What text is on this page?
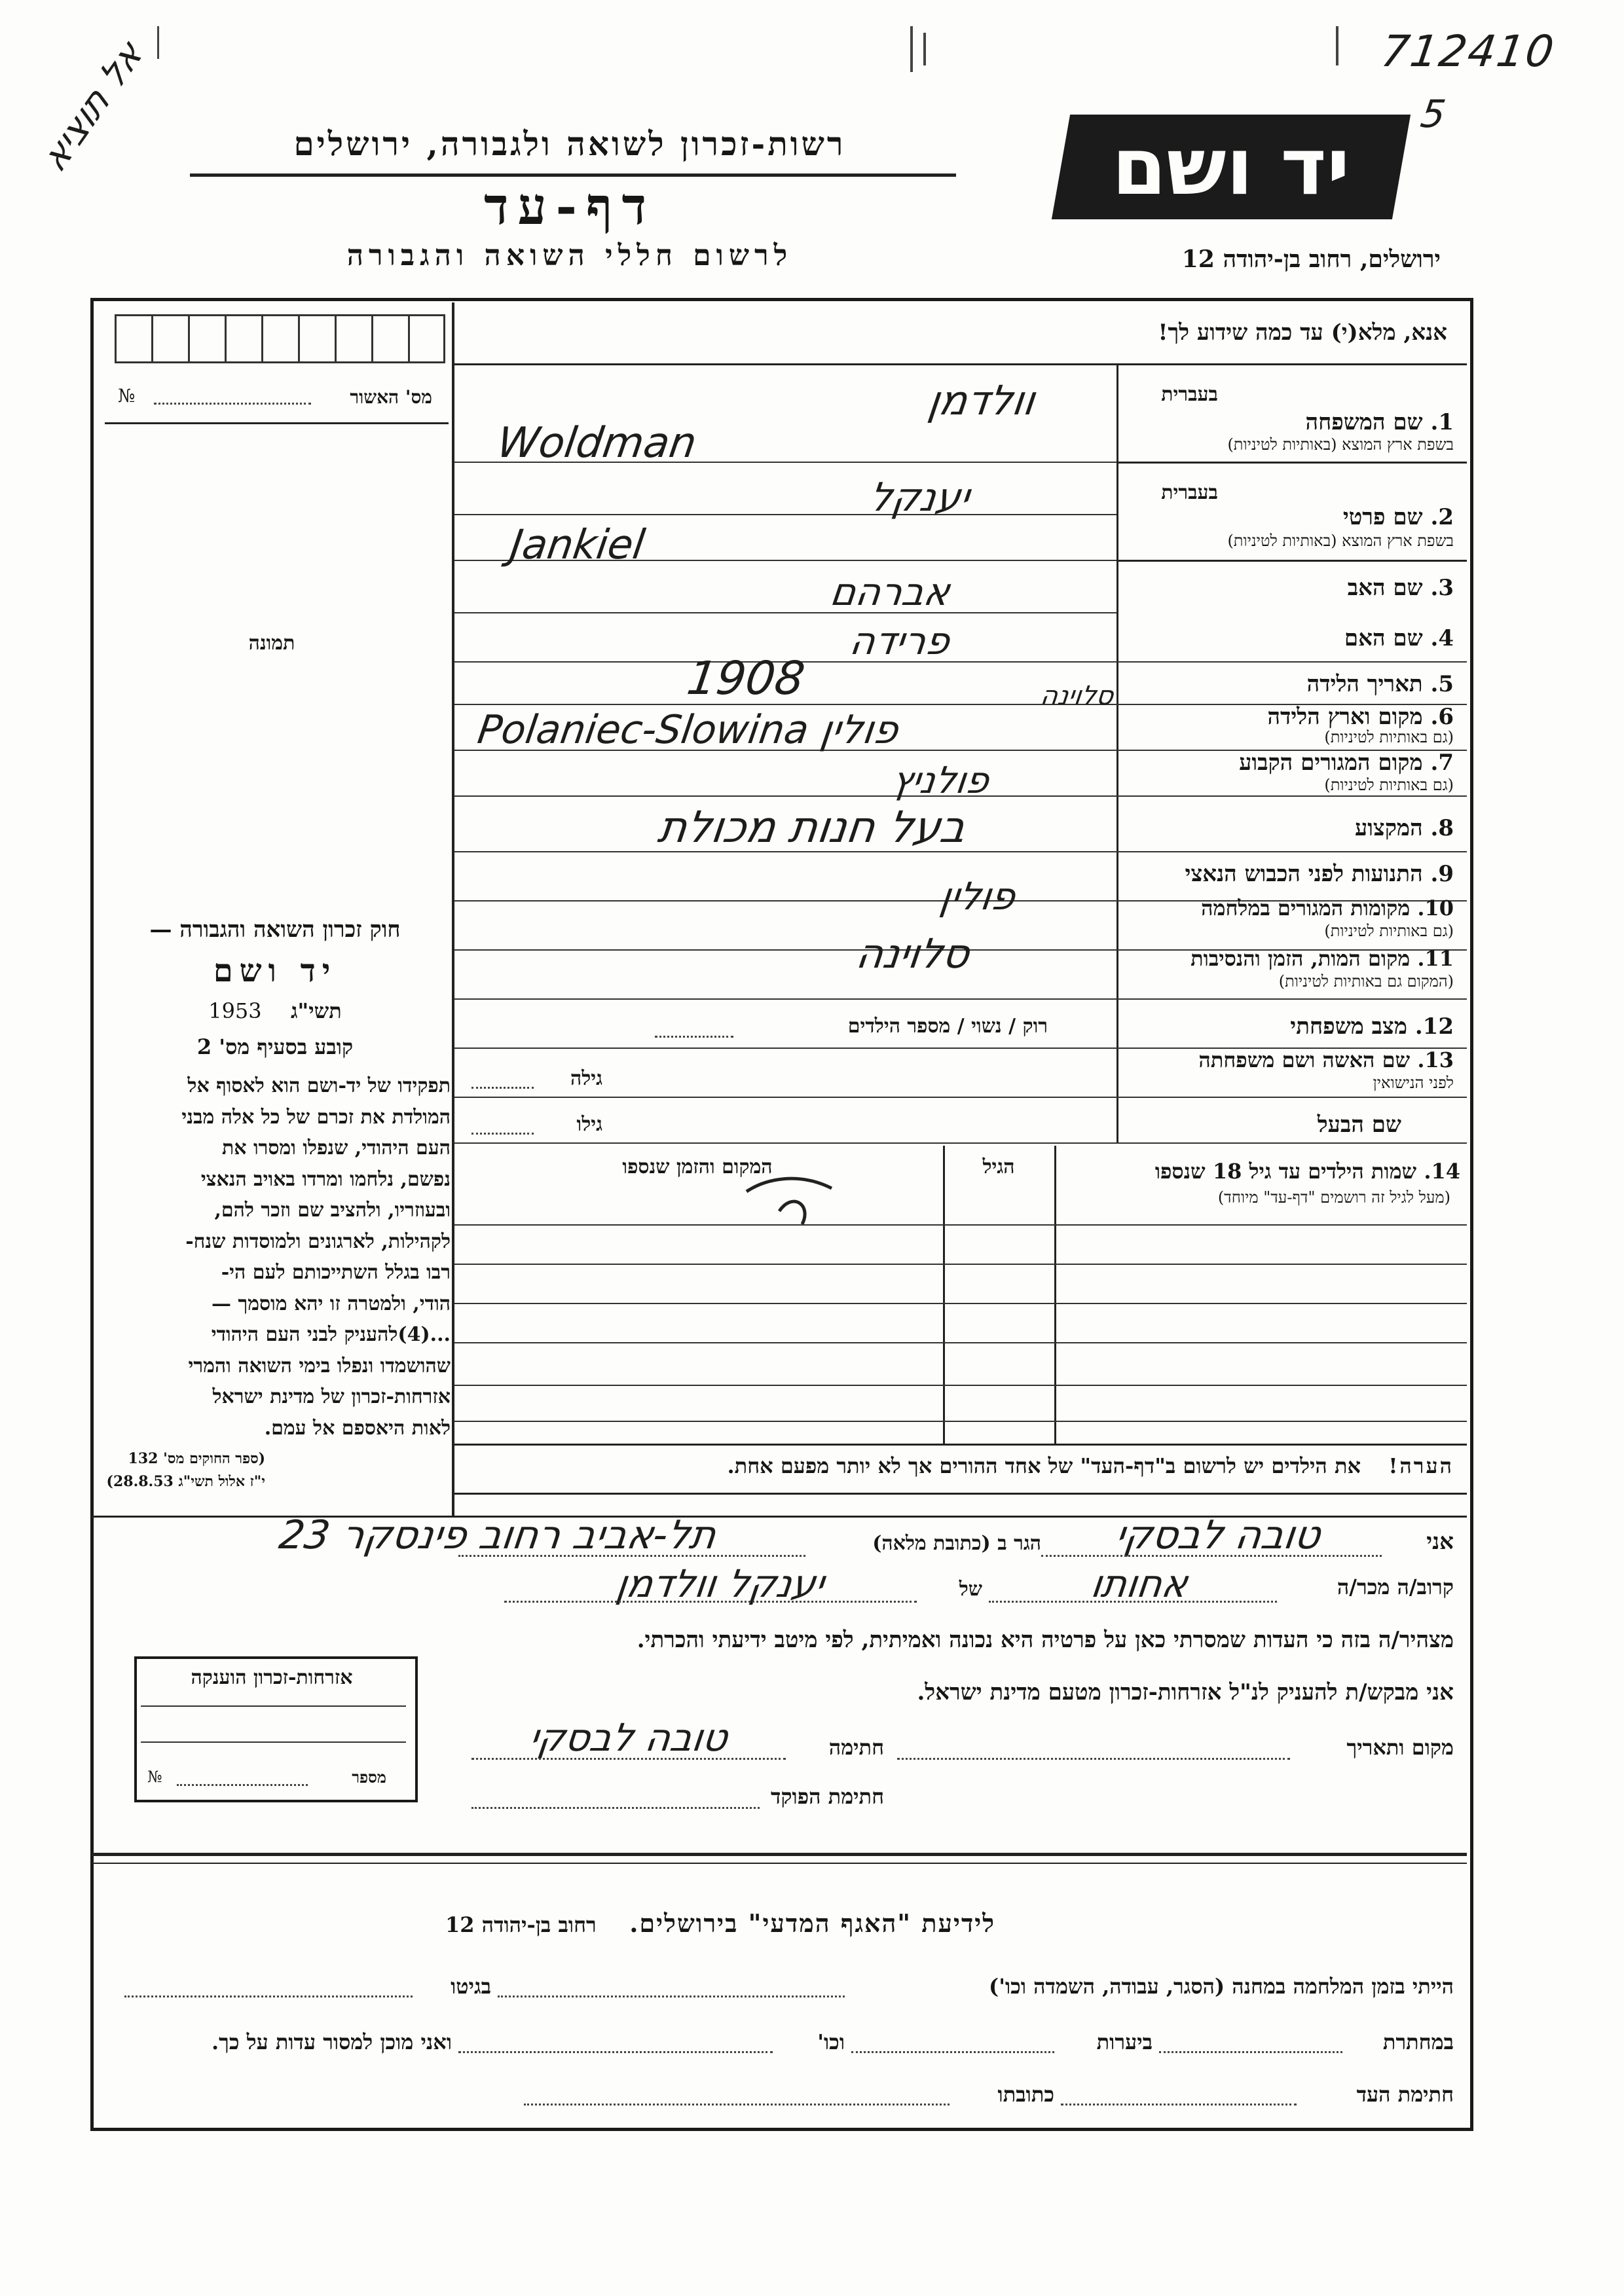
אל תוציא	712410
5
יד ושם
רשות-זכרון לשואה ולגבורה, ירושלים
דף-עד
לרשום חללי השואה והגבורה	ירושלים, רחוב בן-יהודה 12
אנא, מלא(י) עד כמה שידוע לך!
מס' האשור
№
תמונה
חוק זכרון השואה והגבורה —
יד ושם
1953 תשי"ג
קובע בסעיף מס' 2
תפקידו של יד-ושם הוא לאסוף אל
המולדת את זכרם של כל אלה מבני
העם היהודי, שנפלו ומסרו את
נפשם, נלחמו ומרדו באויב הנאצי
ובעוזריו, ולהציב שם וזכר להם,
לקהילות, לארגונים ולמוסדות שנח-
רבו בגלל השתייכותם לעם הי-
הודי, ולמטרה זו יהא מוסמך —
...(4)להעניק לבני העם היהודי
שהושמדו ונפלו בימי השואה והמרי
אזרחות-זכרון של מדינת ישראל
לאות היאספם אל עמם.
(ספר החוקים מס' 132
י"ז אלול תשי"ג 28.8.53)
בעברית
1. שם המשפחה
בשפת ארץ המוצא (באותיות לטיניות)
וולדמן
Woldman
בעברית
2. שם פרטי
בשפת ארץ המוצא (באותיות לטיניות)
יענקל
Jankiel
3. שם האב
אברהם
4. שם האם
פרידה
5. תאריך הלידה
1908
6. מקום וארץ הלידה
(גם באותיות לטיניות)
Polaniec-Slowina פולין
סלוינה
7. מקום המגורים הקבוע
(גם באותיות לטיניות)
פולניץ
8. המקצוע
בעל חנות מכולת
9. התנועות לפני הכבוש הנאצי
10. מקומות המגורים במלחמה
(גם באותיות לטיניות)
פולין
11. מקום המות, הזמן והנסיבות
(המקום גם באותיות לטיניות)
סלוינה
12. מצב משפחתי
רוק / נשוי / מספר הילדים
13. שם האשה ושם משפחתה
לפני הנישואין
גילה
שם הבעל
גילו
14. שמות הילדים עד גיל 18 שנספו
(מעל לגיל זה רושמים "דף-עד" מיוחד)
הגיל
המקום והזמן שנספו
הערה!  את הילדים יש לרשום ב"דף-העד" של אחד ההורים אך לא יותר מפעם אחת.
אני
טובה לבסקי
הגר ב (כתובת מלאה)
תל-אביב רחוב פינסקר 23
קרוב/ה מכר/ה
אחותו
של
יענקל וולדמן
מצהיר/ה בזה כי העדות שמסרתי כאן על פרטיה היא נכונה ואמיתית, לפי מיטב ידיעתי והכרתי.
אני מבקש/ת להעניק לנ"ל אזרחות-זכרון מטעם מדינת ישראל.
מקום ותאריך
חתימה
טובה לבסקי
חתימת הפוקד
אזרחות-זכרון הוענקה
מספר
№
לידיעת "האגף המדעי" בירושלים.  רחוב בן-יהודה 12
הייתי בזמן המלחמה במחנה (הסגר, עבודה, השמדה וכו')
בגיטו
במחתרת
ביערות
וכו'
ואני מוכן למסור עדות על כך.
חתימת העד
כתובתו
